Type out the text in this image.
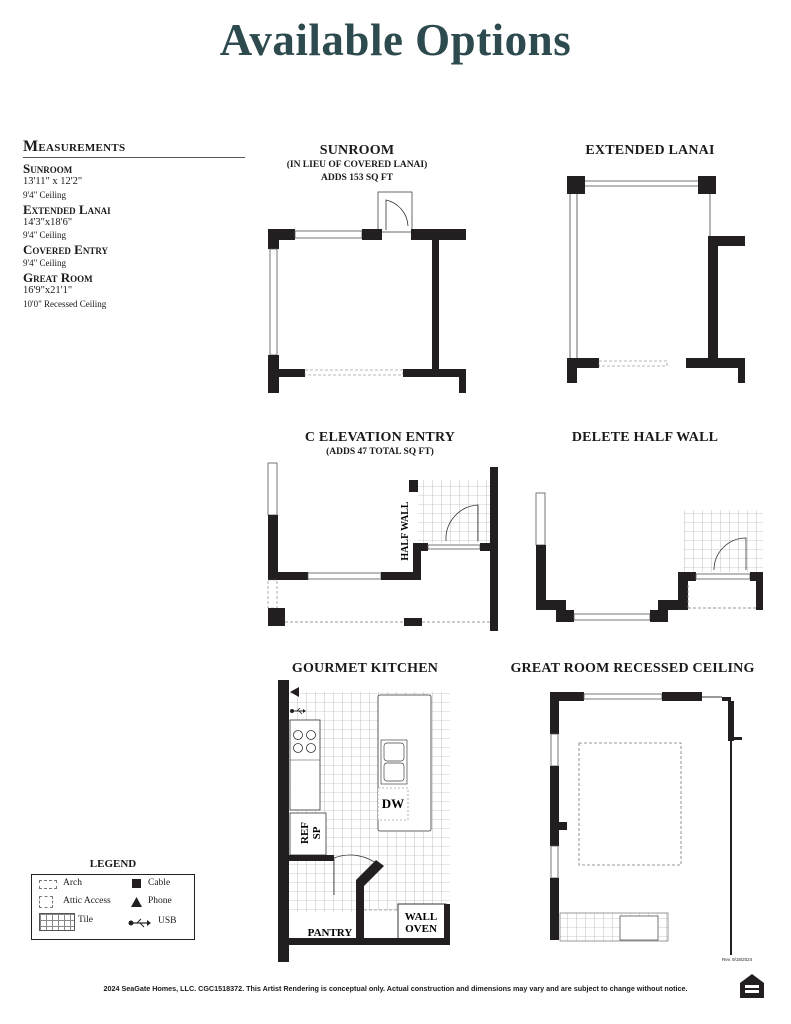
Available Options
Measurements
Sunroom
13'11" x 12'2"
9'4" Ceiling
Extended Lanai
14'3"x18'6"
9'4" Ceiling
Covered Entry
9'4" Ceiling
Great Room
16'9"x21'1"
10'0" Recessed Ceiling
SUNROOM
(IN LIEU OF COVERED LANAI)
ADDS 153 SQ FT
EXTENDED LANAI
C ELEVATION ENTRY
(ADDS 47 TOTAL SQ FT)
DELETE HALF WALL
GOURMET KITCHEN	GREAT ROOM RECESSED CEILING
HALF WALL
REF SP
DW
WALL
OVEN
PANTRY
LEGEND
Arch
Attic Access
Tile
Cable
Phone
USB
Rev. 9/18/2024
2024 SeaGate Homes, LLC. CGC1518372. This Artist Rendering is conceptual only. Actual construction and dimensions may vary and are subject to change without notice.
